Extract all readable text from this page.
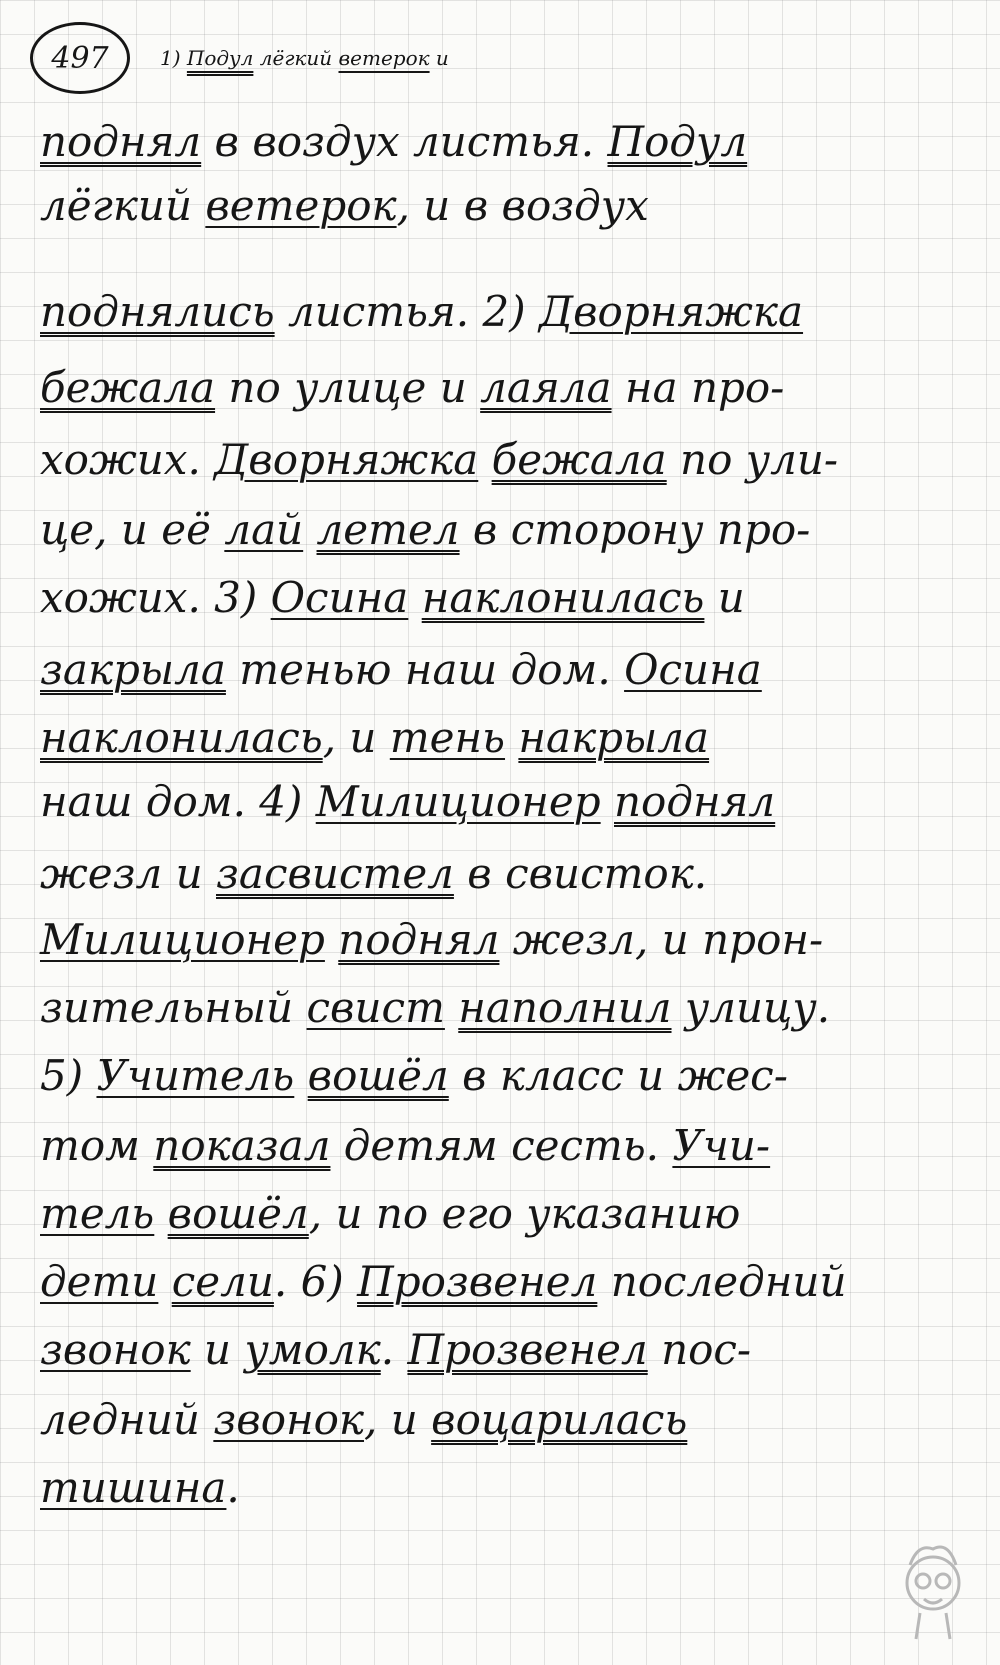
497	1) Подул лёгкий ветерок и
поднял в воздух листья. Подул
лёгкий ветерок, и в воздух
поднялись листья. 2) Дворняжка
бежала по улице и лаяла на про-
хожих. Дворняжка бежала по ули-
це, и её лай летел в сторону про-
хожих. 3) Осина наклонилась и
закрыла тенью наш дом. Осина
наклонилась, и тень накрыла
наш дом. 4) Милиционер поднял
жезл и засвистел в свисток.
Милиционер поднял жезл, и прон-
зительный свист наполнил улицу.
5) Учитель вошёл в класс и жес-
том показал детям сесть. Учи-
тель вошёл, и по его указанию
дети сели. 6) Прозвенел последний
звонок и умолк. Прозвенел пос-
ледний звонок, и воцарилась
тишина.
